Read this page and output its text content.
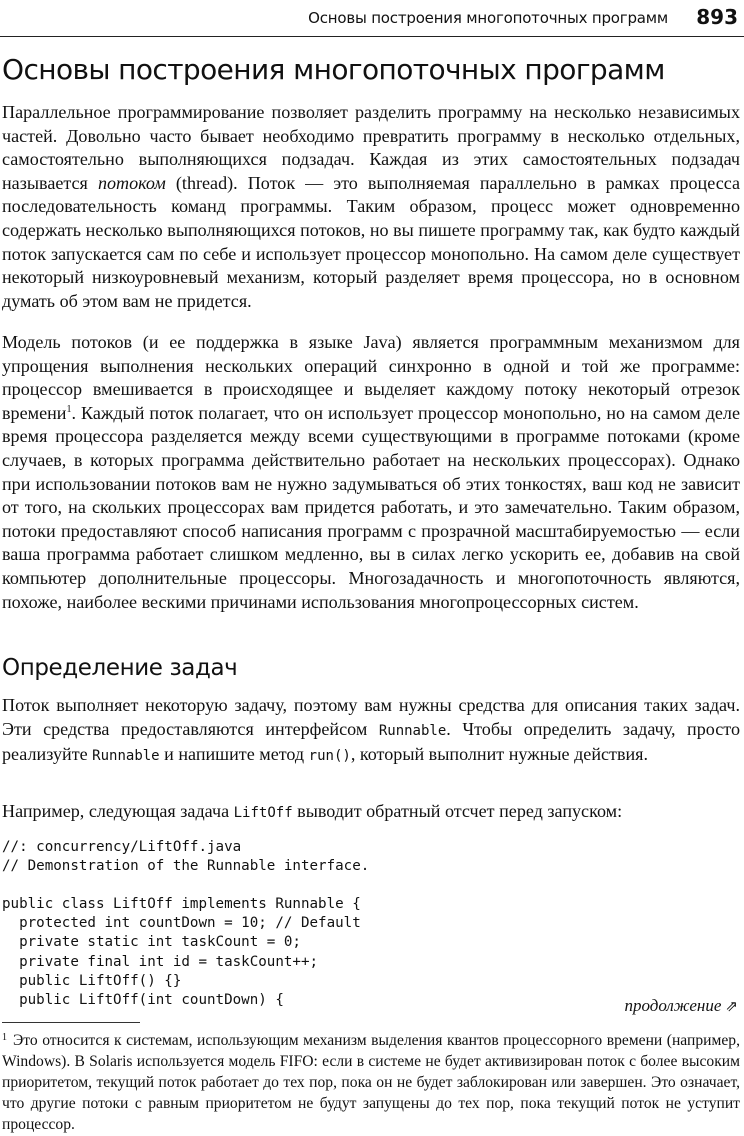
Основы построения многопоточных программ 893
Основы построения многопоточных программ

Параллельное программирование позволяет разделить программу на несколько независимых частей. Довольно часто бывает необходимо превратить программу в несколько отдельных, самостоятельно выполняющихся подзадач. Каждая из этих самостоятельных подзадач называется потоком (thread). Поток — это выполняемая параллельно в рамках процесса последовательность команд программы. Таким образом, процесс может одновременно содержать несколько выполняющихся потоков, но вы пишете программу так, как будто каждый поток запускается сам по себе и использует процессор монопольно. На самом деле существует некоторый низкоуровневый механизм, который разделяет время процессора, но в основном думать об этом вам не придется.

Модель потоков (и ее поддержка в языке Java) является программным механизмом для упрощения выполнения нескольких операций синхронно в одной и той же программе: процессор вмешивается в происходящее и выделяет каждому потоку некоторый отрезок времени$^1$. Каждый поток полагает, что он использует процессор монопольно, но на самом деле время процессора разделяется между всеми существующими в программе потоками (кроме случаев, в которых программа действительно работает на нескольких процессорах). Однако при использовании потоков вам не нужно задумываться об этих тонкостях, ваш код не зависит от того, на скольких процессорах вам придется работать, и это замечательно. Таким образом, потоки предоставляют способ написания программ с прозрачной масштабируемостью — если ваша программа работает слишком медленно, вы в силах легко ускорить ее, добавив на свой компьютер дополнительные процессоры. Многозадачность и многопоточность являются, похоже, наиболее вескими причинами использования многопроцессорных систем.

Определение задач

Поток выполняет некоторую задачу, поэтому вам нужны средства для описания таких задач. Эти средства предоставляются интерфейсом Runnable. Чтобы определить задачу, просто реализуйте Runnable и напишите метод run(), который выполнит нужные действия.

Например, следующая задача LiftOff выводит обратный отсчет перед запуском:

//: concurrency/LiftOff.java
// Demonstration of the Runnable interface.

public class LiftOff implements Runnable {
protected int countDown = 10; // Default
private static int taskCount = 0;
private final int id = taskCount++;
public LiftOff() {}
public LiftOff(int countDown) {	продолжение ⇗

$^1$ Это относится к системам, использующим механизм выделения квантов процессорного времени (например, Windows). В Solaris используется модель FIFO: если в системе не будет активизирован поток с более высоким приоритетом, текущий поток работает до тех пор, пока он не будет заблокирован или завершен. Это означает, что другие потоки с равным приоритетом не будут запущены до тех пор, пока текущий поток не уступит процессор.
